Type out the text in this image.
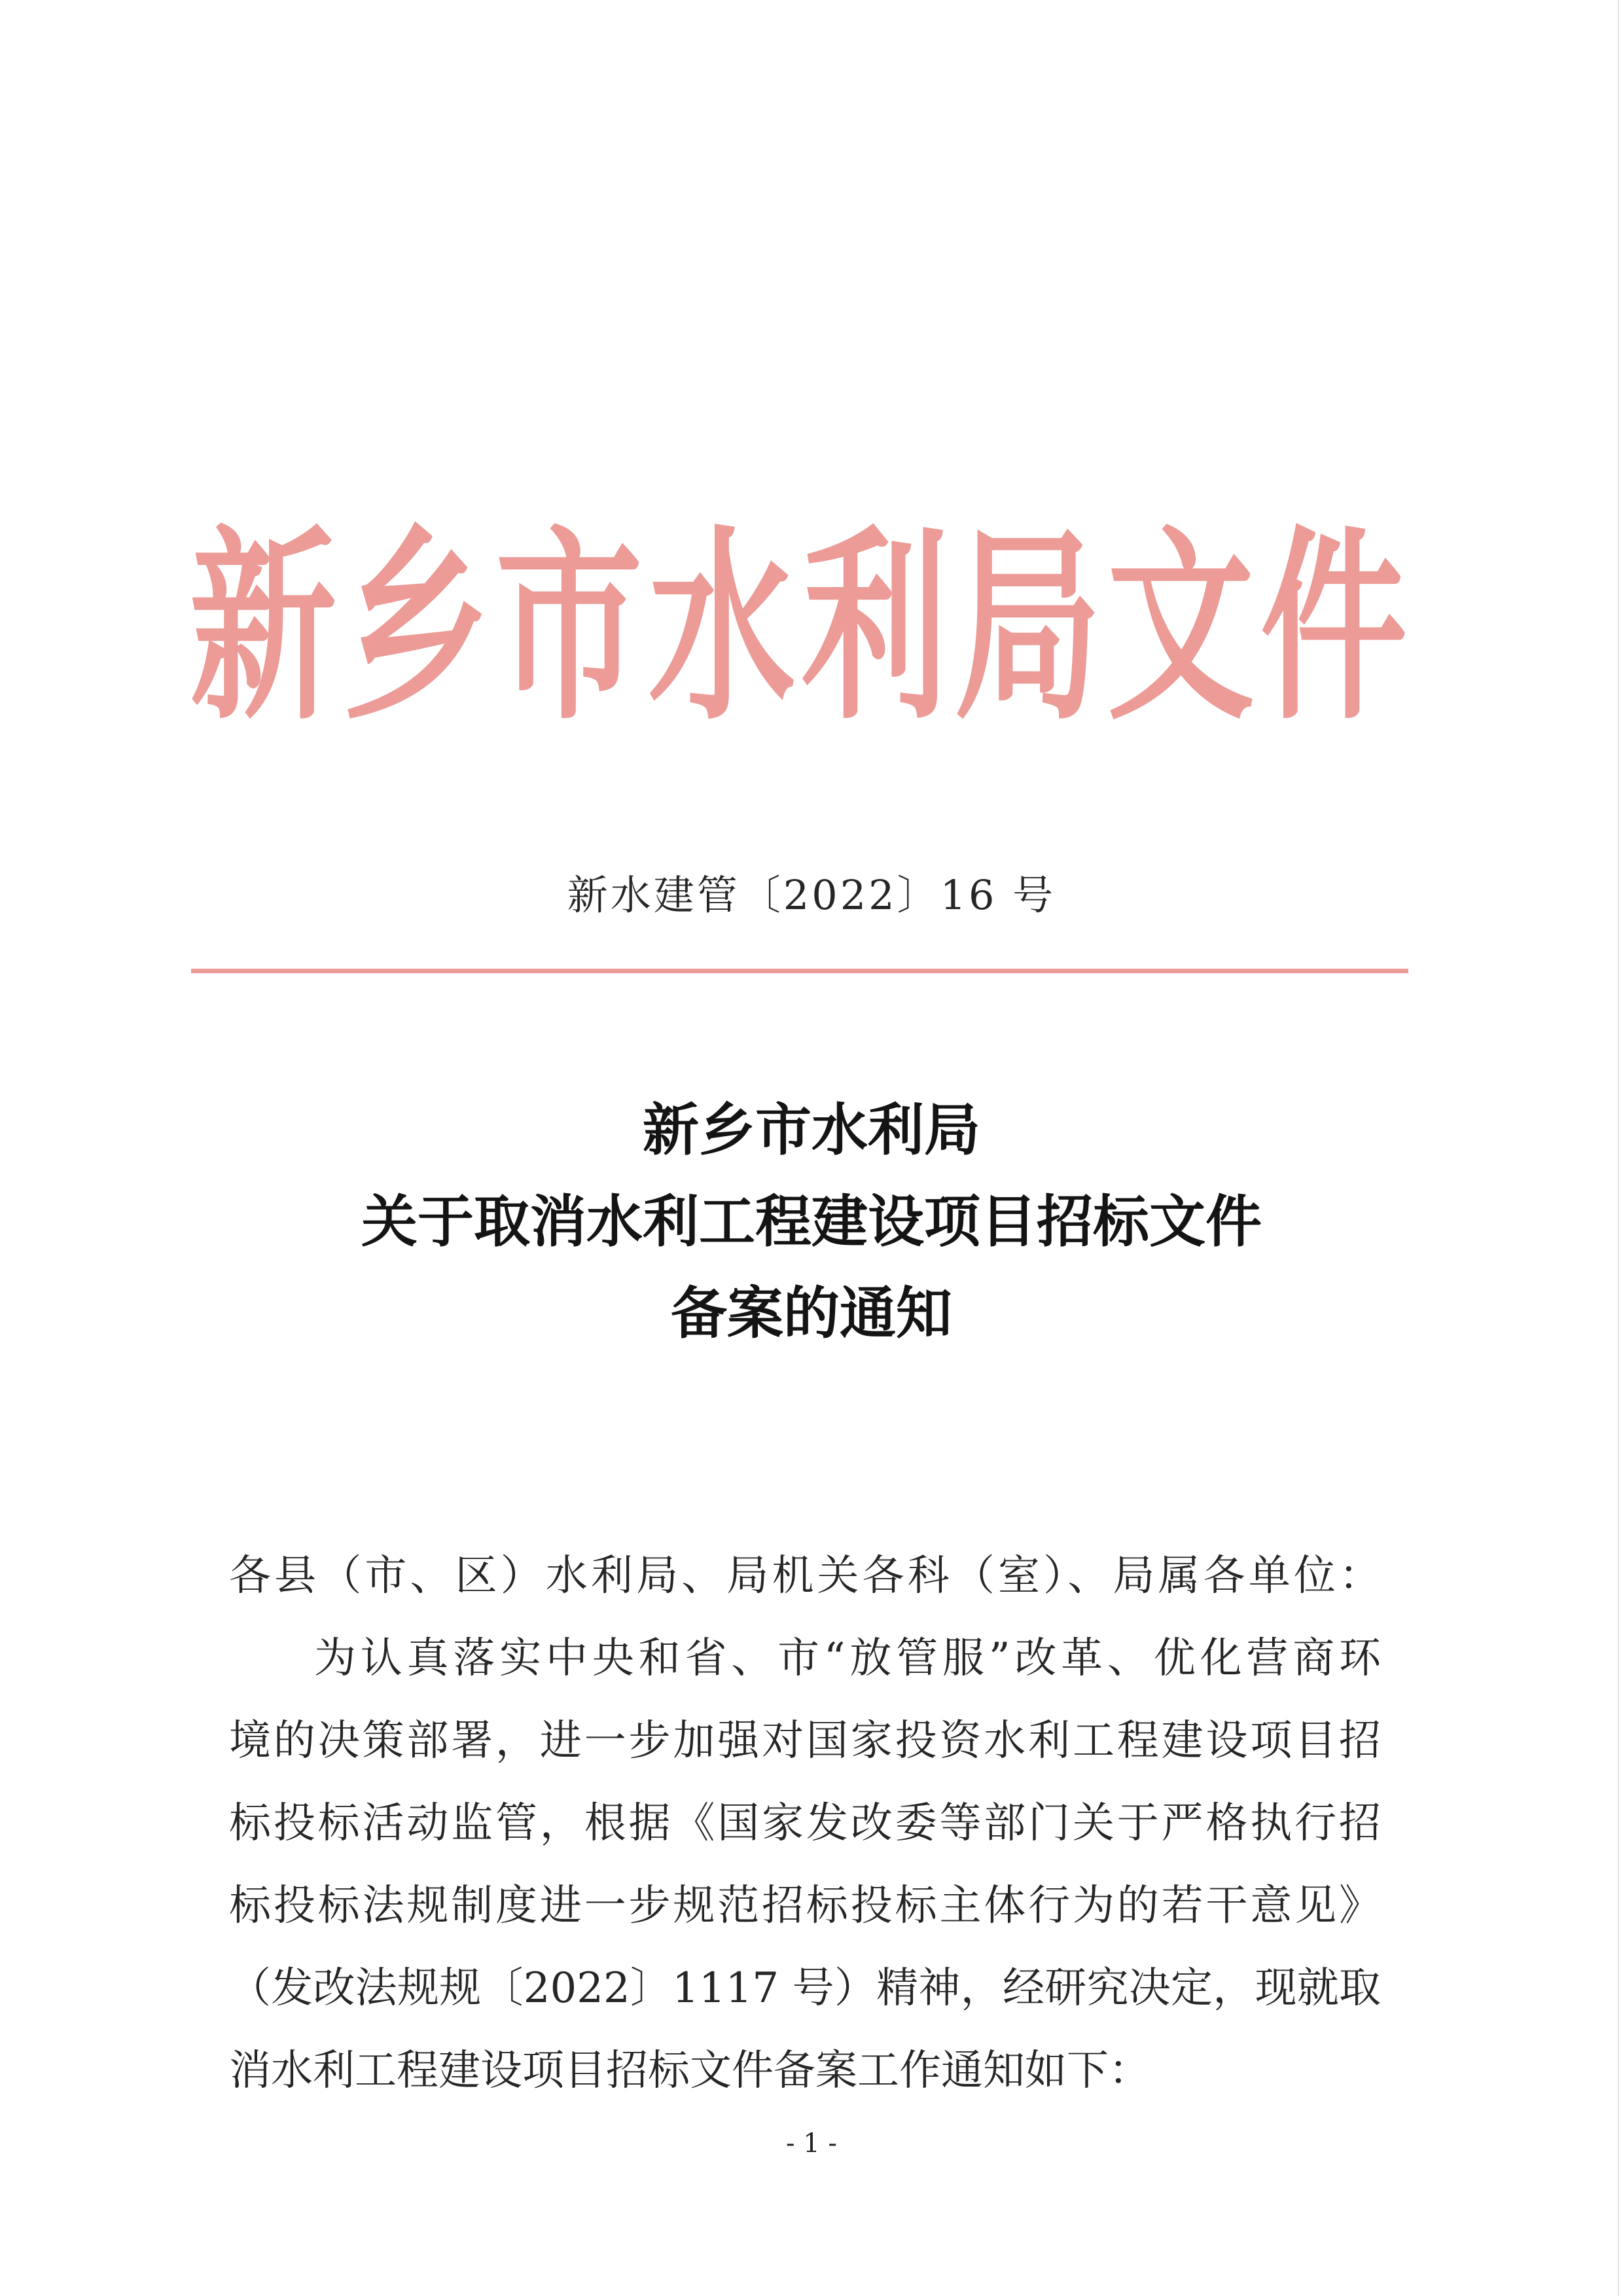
新 乡 市 水 利 局 文 件
新水建管〔2022〕16 号
新乡市水利局
关于取消水利工程建设项目招标文件
备案的通知
各县（市、区）水利局、局机关各科（室）、局属各单位：
为认真落实中央和省、市“放管服”改革、优化营商环
境的决策部署，进一步加强对国家投资水利工程建设项目招
标投标活动监管，根据《国家发改委等部门关于严格执行招
标投标法规制度进一步规范招标投标主体行为的若干意见》
（发改法规规〔2022〕1117 号）精神，经研究决定，现就取
消水利工程建设项目招标文件备案工作通知如下：
- 1 -
